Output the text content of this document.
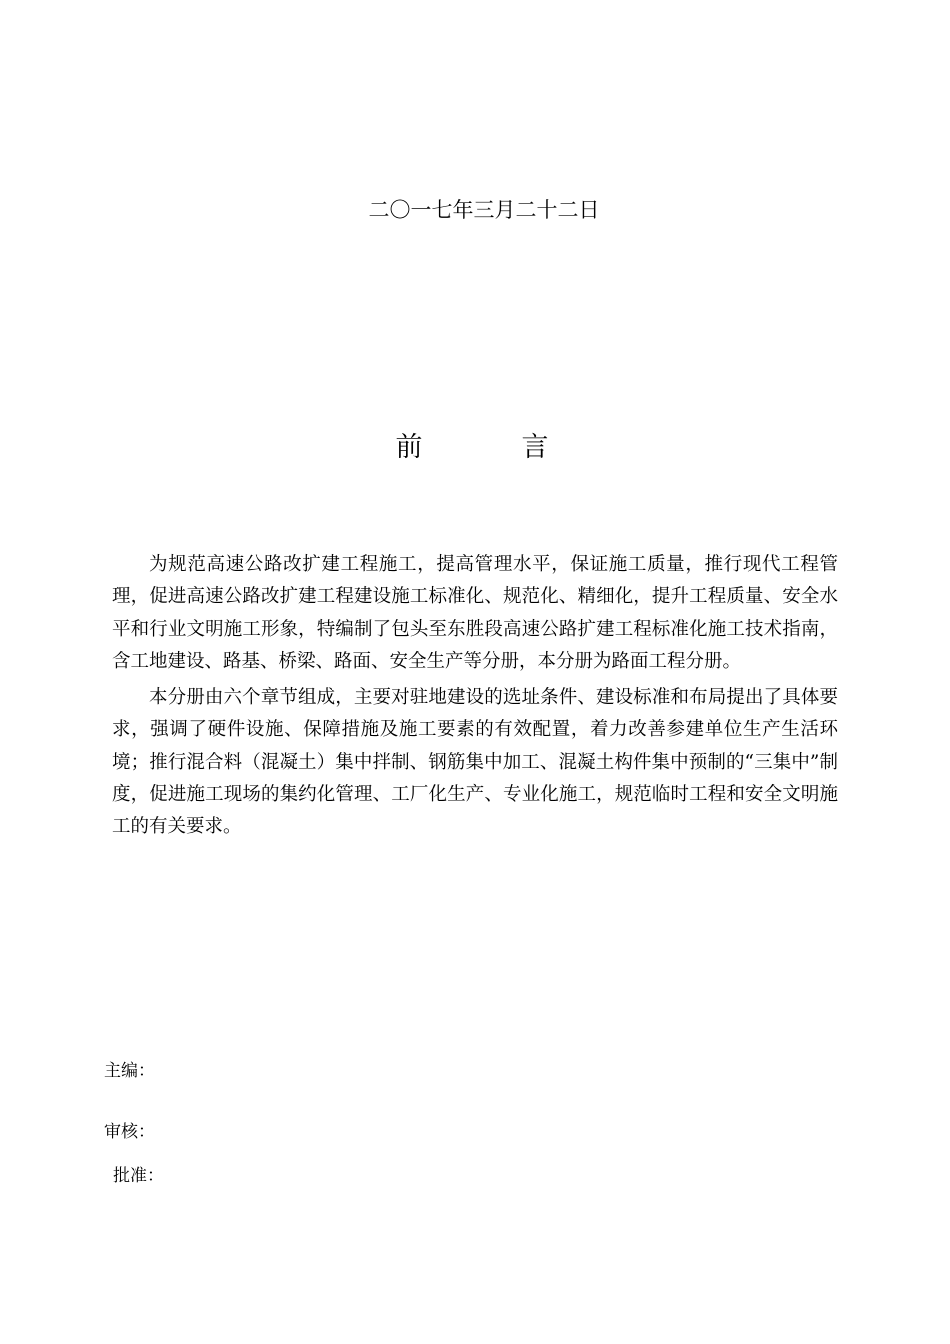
二〇一七年三月二十二日
前　言

为规范高速公路改扩建工程施工，提高管理水平，保证施工质量，推行现代工程管理，促进高速公路改扩建工程建设施工标准化、规范化、精细化，提升工程质量、安全水平和行业文明施工形象，特编制了包头至东胜段高速公路扩建工程标准化施工技术指南，含工地建设、路基、桥梁、路面、安全生产等分册，本分册为路面工程分册。

本分册由六个章节组成，主要对驻地建设的选址条件、建设标准和布局提出了具体要求，强调了硬件设施、保障措施及施工要素的有效配置，着力改善参建单位生产生活环境；推行混合料（混凝土）集中拌制、钢筋集中加工、混凝土构件集中预制的“三集中”制度，促进施工现场的集约化管理、工厂化生产、专业化施工，规范临时工程和安全文明施工的有关要求。

主编：
审核：
批准：
